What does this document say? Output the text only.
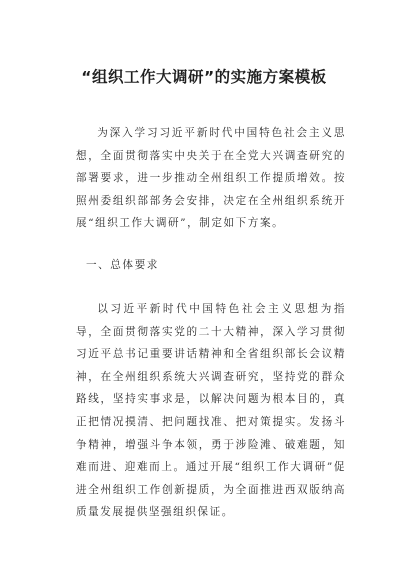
“组织工作大调研”的实施方案模板

为深入学习习近平新时代中国特色社会主义思想，全面贯彻落实中央关于在全党大兴调查研究的部署要求，进一步推动全州组织工作提质增效。按照州委组织部部务会安排，决定在全州组织系统开展“组织工作大调研”，制定如下方案。

一、总体要求

以习近平新时代中国特色社会主义思想为指导，全面贯彻落实党的二十大精神，深入学习贯彻习近平总书记重要讲话精神和全省组织部长会议精神，在全州组织系统大兴调查研究，坚持党的群众路线，坚持实事求是，以解决问题为根本目的，真正把情况摸清、把问题找准、把对策提实。发扬斗争精神，增强斗争本领，勇于涉险滩、破难题，知难而进、迎难而上。通过开展“组织工作大调研”促进全州组织工作创新提质，为全面推进西双版纳高质量发展提供坚强组织保证。
